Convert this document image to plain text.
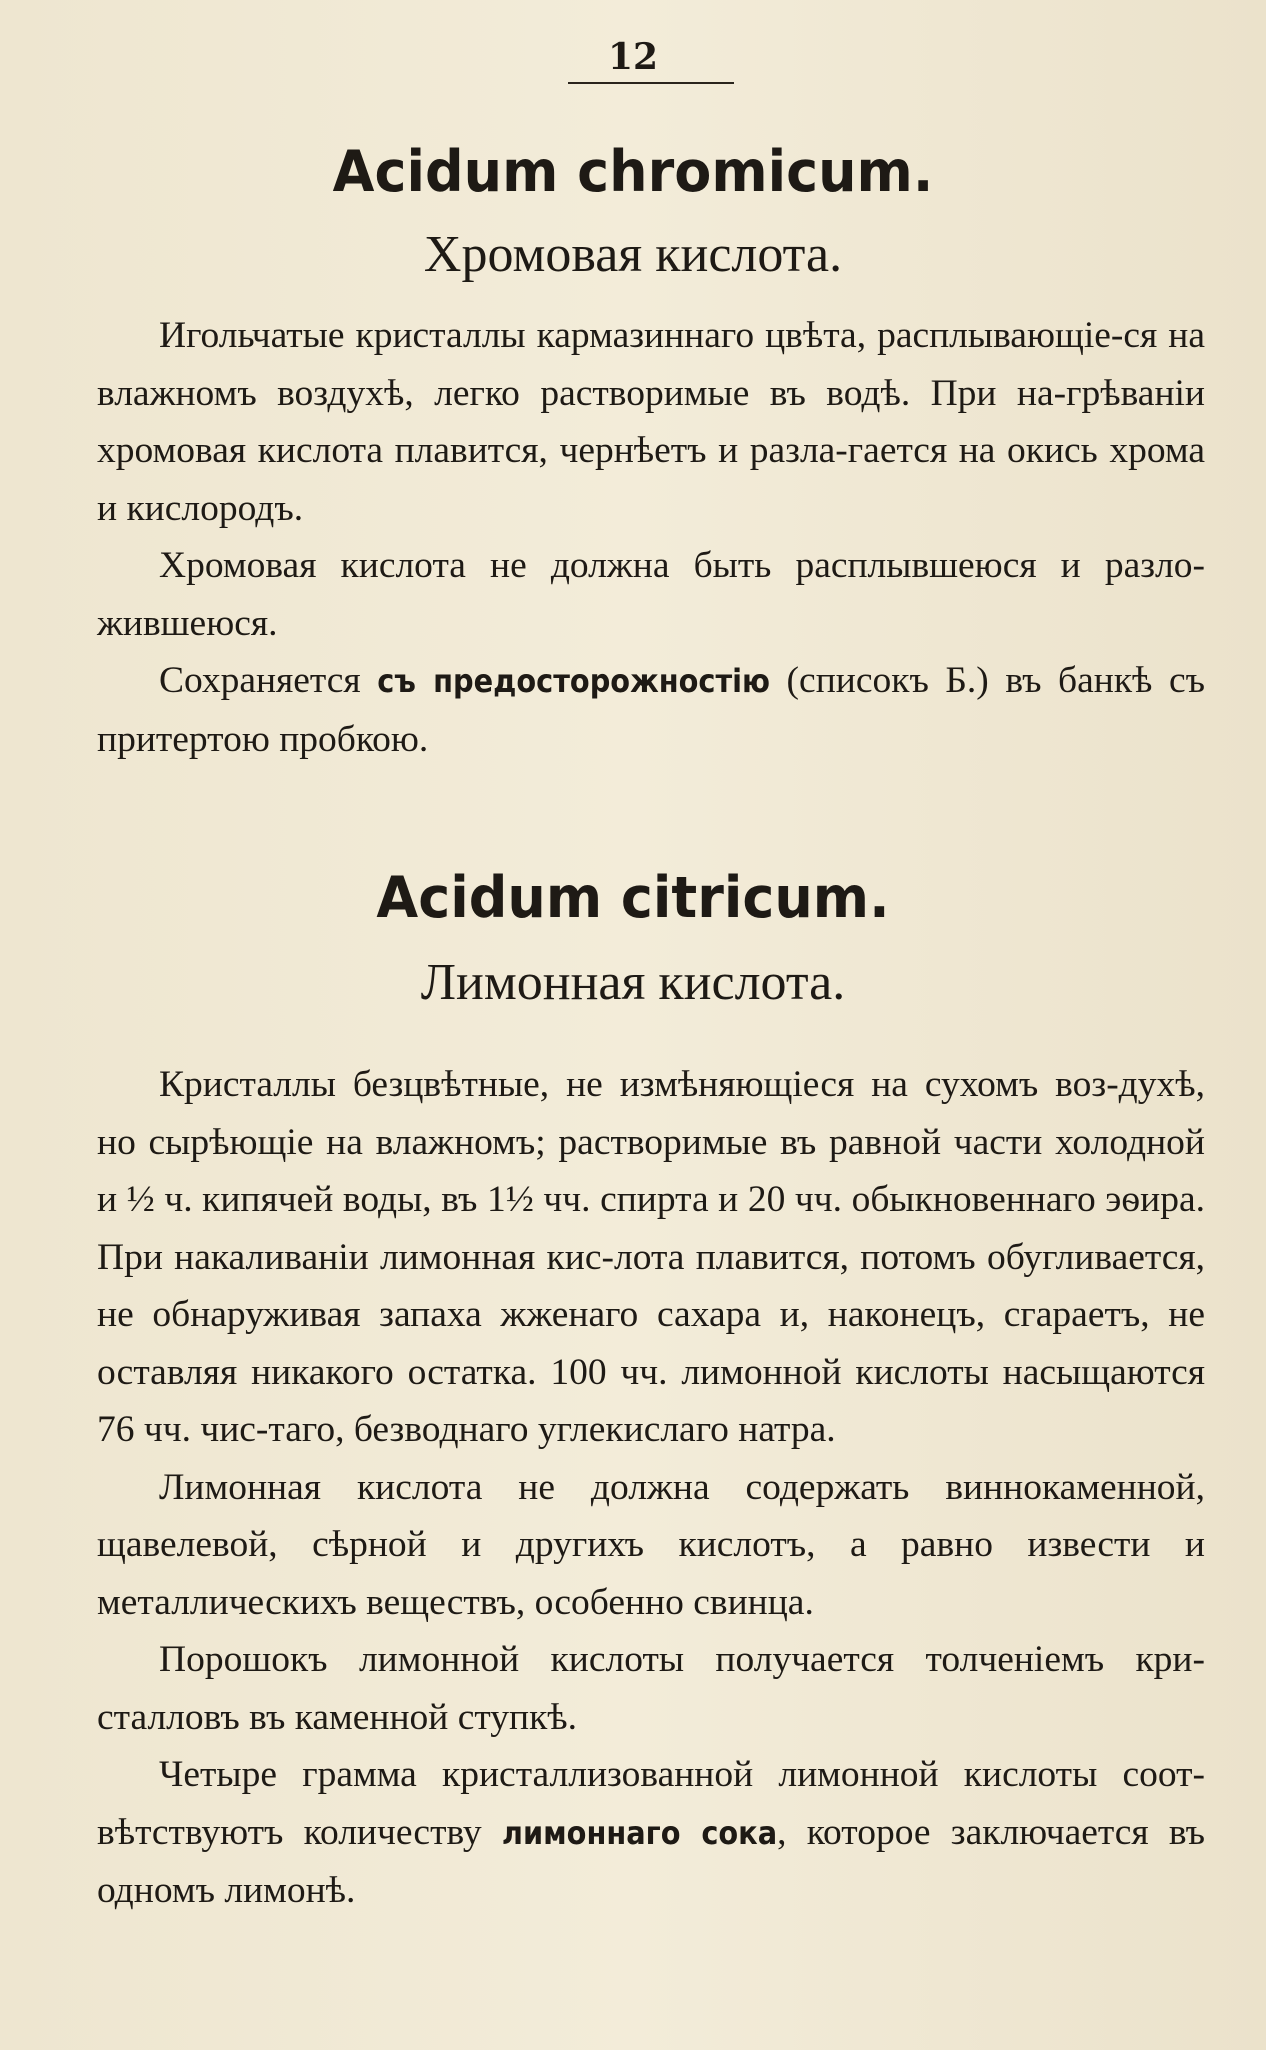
12
Acidum chromicum.
Хромовая кислота.

Игольчатые кристаллы кармазиннаго цвѣта, расплывающіе-ся на влажномъ воздухѣ, легко растворимые въ водѣ. При на-грѣваніи хромовая кислота плавится, чернѣетъ и разла-гается на окись хрома и кислородъ.

Хромовая кислота не должна быть расплывшеюся и разло-жившеюся.

Сохраняется съ предосторожностію (списокъ Б.) въ банкѣ съ притертою пробкою.

Acidum citricum.
Лимонная кислота.

Кристаллы безцвѣтные, не измѣняющіеся на сухомъ воз-духѣ, но сырѣющіе на влажномъ; растворимые въ равной части холодной и ½ ч. кипячей воды, въ 1½ чч. спирта и 20 чч. обыкновеннаго эѳира. При накаливаніи лимонная кис-лота плавится, потомъ обугливается, не обнаруживая запаха жженаго сахара и, наконецъ, сгараетъ, не оставляя никакого остатка. 100 чч. лимонной кислоты насыщаются 76 чч. чис-таго, безводнаго углекислаго натра.

Лимонная кислота не должна содержать виннокаменной, щавелевой, сѣрной и другихъ кислотъ, а равно извести и металлическихъ веществъ, особенно свинца.

Порошокъ лимонной кислоты получается толченіемъ кри-сталловъ въ каменной ступкѣ.

Четыре грамма кристаллизованной лимонной кислоты соот-вѣтствуютъ количеству лимоннаго сока, которое заключается въ одномъ лимонѣ.
